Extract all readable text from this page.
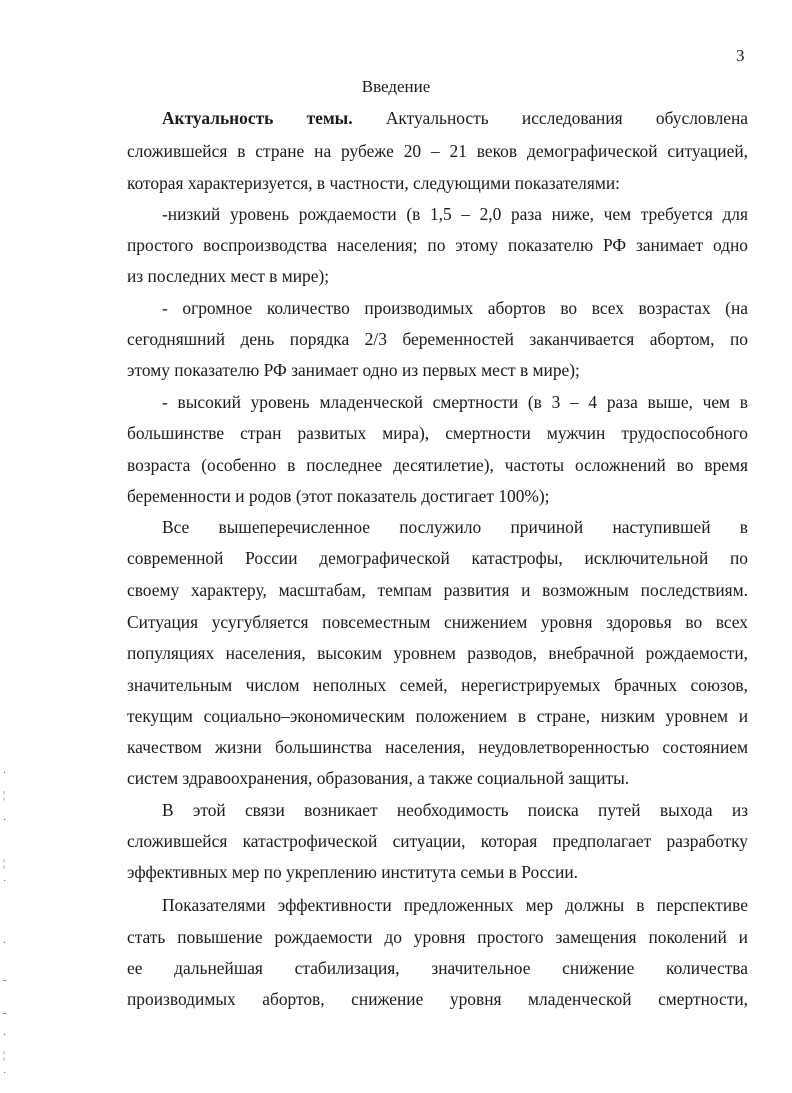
3
Введение
Актуальность темы. Актуальность исследования обусловлена
сложившейся в стране на рубеже 20 – 21 веков демографической ситуацией,
которая характеризуется, в частности, следующими показателями:
-низкий уровень рождаемости (в 1,5 – 2,0 раза ниже, чем требуется для
простого воспроизводства населения; по этому показателю РФ занимает одно
из последних мест в мире);
- огромное количество производимых абортов во всех возрастах (на
сегодняшний день порядка 2/3 беременностей заканчивается абортом, по
этому показателю РФ занимает одно из первых мест в мире);
- высокий уровень младенческой смертности (в 3 – 4 раза выше, чем в
большинстве стран развитых мира), смертности мужчин трудоспособного
возраста (особенно в последнее десятилетие), частоты осложнений во время
беременности и родов (этот показатель достигает 100%);
Все вышеперечисленное послужило причиной наступившей в
современной России демографической катастрофы, исключительной по
своему характеру, масштабам, темпам развития и возможным последствиям.
Ситуация усугубляется повсеместным снижением уровня здоровья во всех
популяциях населения, высоким уровнем разводов, внебрачной рождаемости,
значительным числом неполных семей, нерегистрируемых брачных союзов,
текущим социально–экономическим положением в стране, низким уровнем и
качеством жизни большинства населения, неудовлетворенностью состоянием
систем здравоохранения, образования, а также социальной защиты.
В этой связи возникает необходимость поиска путей выхода из
сложившейся катастрофической ситуации, которая предполагает разработку
эффективных мер по укреплению института семьи в России.
Показателями эффективности предложенных мер должны в перспективе
стать повышение рождаемости до уровня простого замещения поколений и
ее дальнейшая стабилизация, значительное снижение количества
производимых абортов, снижение уровня младенческой смертности,
·
¦
·
¦
·
·
-
-
·
¦
·
